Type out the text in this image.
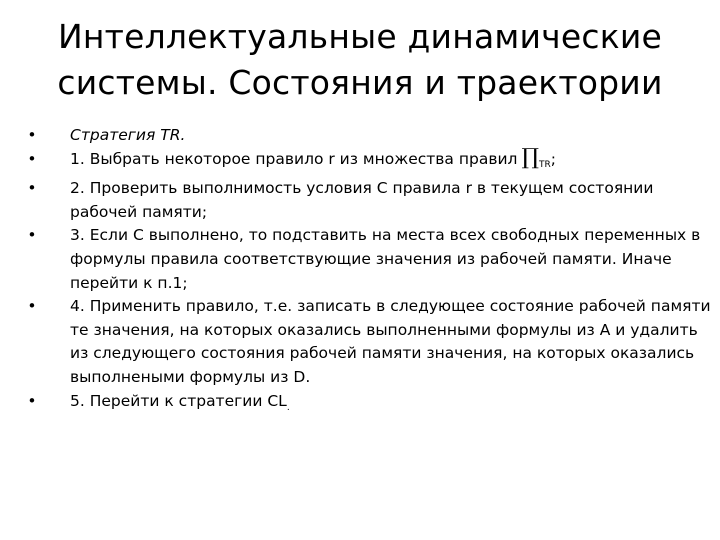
Интеллектуальные динамические
системы. Состояния и траектории
• Стратегия TR.
• 1. Выбрать некоторое правило r из множества правил $\prod_{TR}$;
• 2. Проверить выполнимость условия C правила r в текущем состоянии рабочей памяти;
• 3. Если C выполнено, то подставить на места всех свободных переменных в формулы правила соответствующие значения из рабочей памяти. Иначе перейти к п.1;
• 4. Применить правило, т.е. записать в следующее состояние рабочей памяти те значения, на которых оказались выполненными формулы из A и удалить из следующего состояния рабочей памяти значения, на которых оказались выполнеными формулы из D.
• 5. Перейти к стратегии $CL_.$
